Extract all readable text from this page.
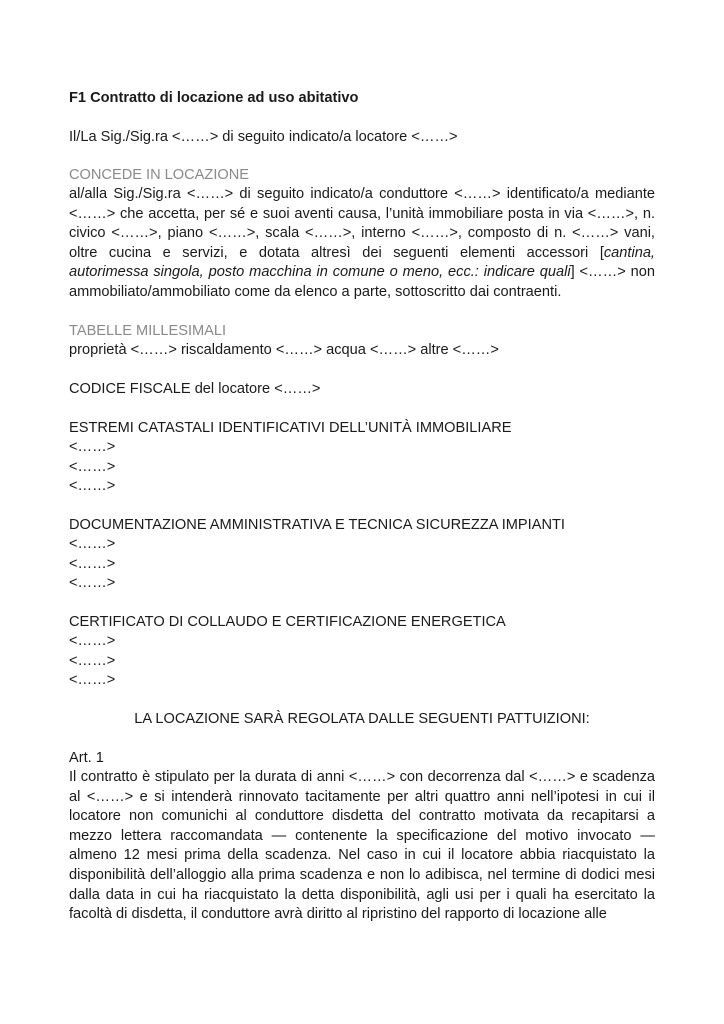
F1 Contratto di locazione ad uso abitativo
Il/La Sig./Sig.ra <……> di seguito indicato/a locatore <……>
CONCEDE IN LOCAZIONE

al/alla Sig./Sig.ra <……> di seguito indicato/a conduttore <……> identificato/a mediante <……> che accetta, per sé e suoi aventi causa, l’unità immobiliare posta in via <……>, n. civico <……>, piano <……>, scala <……>, interno <……>, composto di n. <……> vani, oltre cucina e servizi, e dotata altresì dei seguenti elementi accessori [cantina, autorimessa singola, posto macchina in comune o meno, ecc.: indicare quali] <……> non ammobiliato/ammobiliato come da elenco a parte, sottoscritto dai contraenti.

TABELLE MILLESIMALI
proprietà <……> riscaldamento <……> acqua <……> altre <……>
CODICE FISCALE del locatore <……>
ESTREMI CATASTALI IDENTIFICATIVI DELL’UNITÀ IMMOBILIARE
<……>
<……>
<……>
DOCUMENTAZIONE AMMINISTRATIVA E TECNICA SICUREZZA IMPIANTI
<……>
<……>
<……>
CERTIFICATO DI COLLAUDO E CERTIFICAZIONE ENERGETICA
<……>
<……>
<……>
LA LOCAZIONE SARÀ REGOLATA DALLE SEGUENTI PATTUIZIONI:
Art. 1

Il contratto è stipulato per la durata di anni <……> con decorrenza dal <……> e scadenza al <……> e si intenderà rinnovato tacitamente per altri quattro anni nell’ipotesi in cui il locatore non comunichi al conduttore disdetta del contratto motivata da recapitarsi a mezzo lettera raccomandata — contenente la specificazione del motivo invocato — almeno 12 mesi prima della scadenza. Nel caso in cui il locatore abbia riacquistato la disponibilità dell’alloggio alla prima scadenza e non lo adibisca, nel termine di dodici mesi dalla data in cui ha riacquistato la detta disponibilità, agli usi per i quali ha esercitato la facoltà di disdetta, il conduttore avrà diritto al ripristino del rapporto di locazione alle
